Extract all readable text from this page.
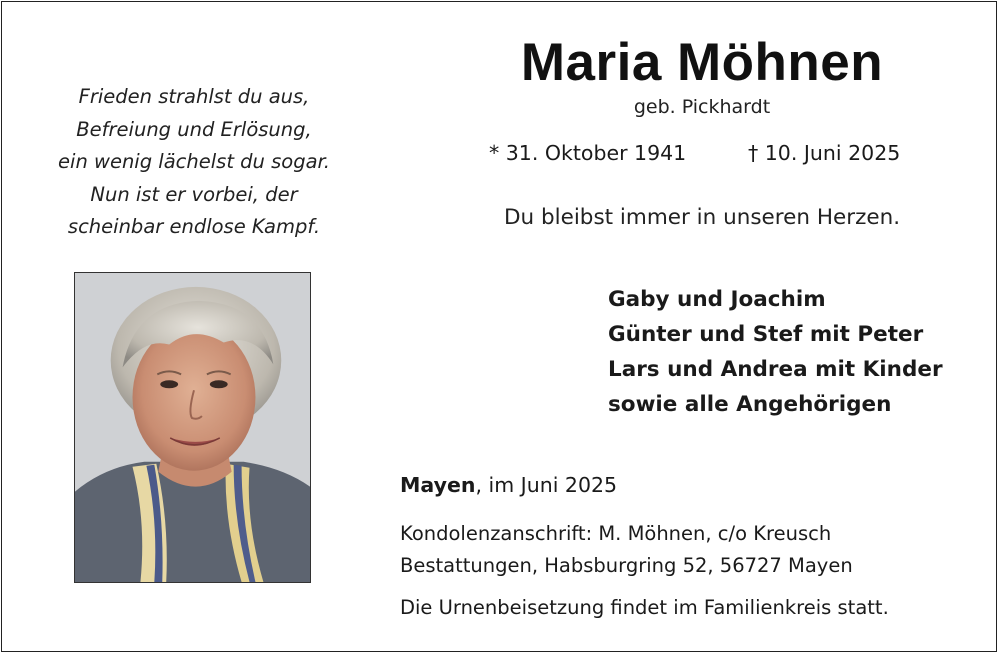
Frieden strahlst du aus,
Befreiung und Erlösung,
ein wenig lächelst du sogar.
Nun ist er vorbei, der
scheinbar endlose Kampf.
Maria Möhnen
geb. Pickhardt
* 31. Oktober 1941	† 10. Juni 2025
Du bleibst immer in unseren Herzen.
Gaby und Joachim
Günter und Stef mit Peter
Lars und Andrea mit Kinder
sowie alle Angehörigen
Mayen, im Juni 2025
Kondolenzanschrift: M. Möhnen, c/o Kreusch
Bestattungen, Habsburgring 52, 56727 Mayen
Die Urnenbeisetzung findet im Familienkreis statt.
